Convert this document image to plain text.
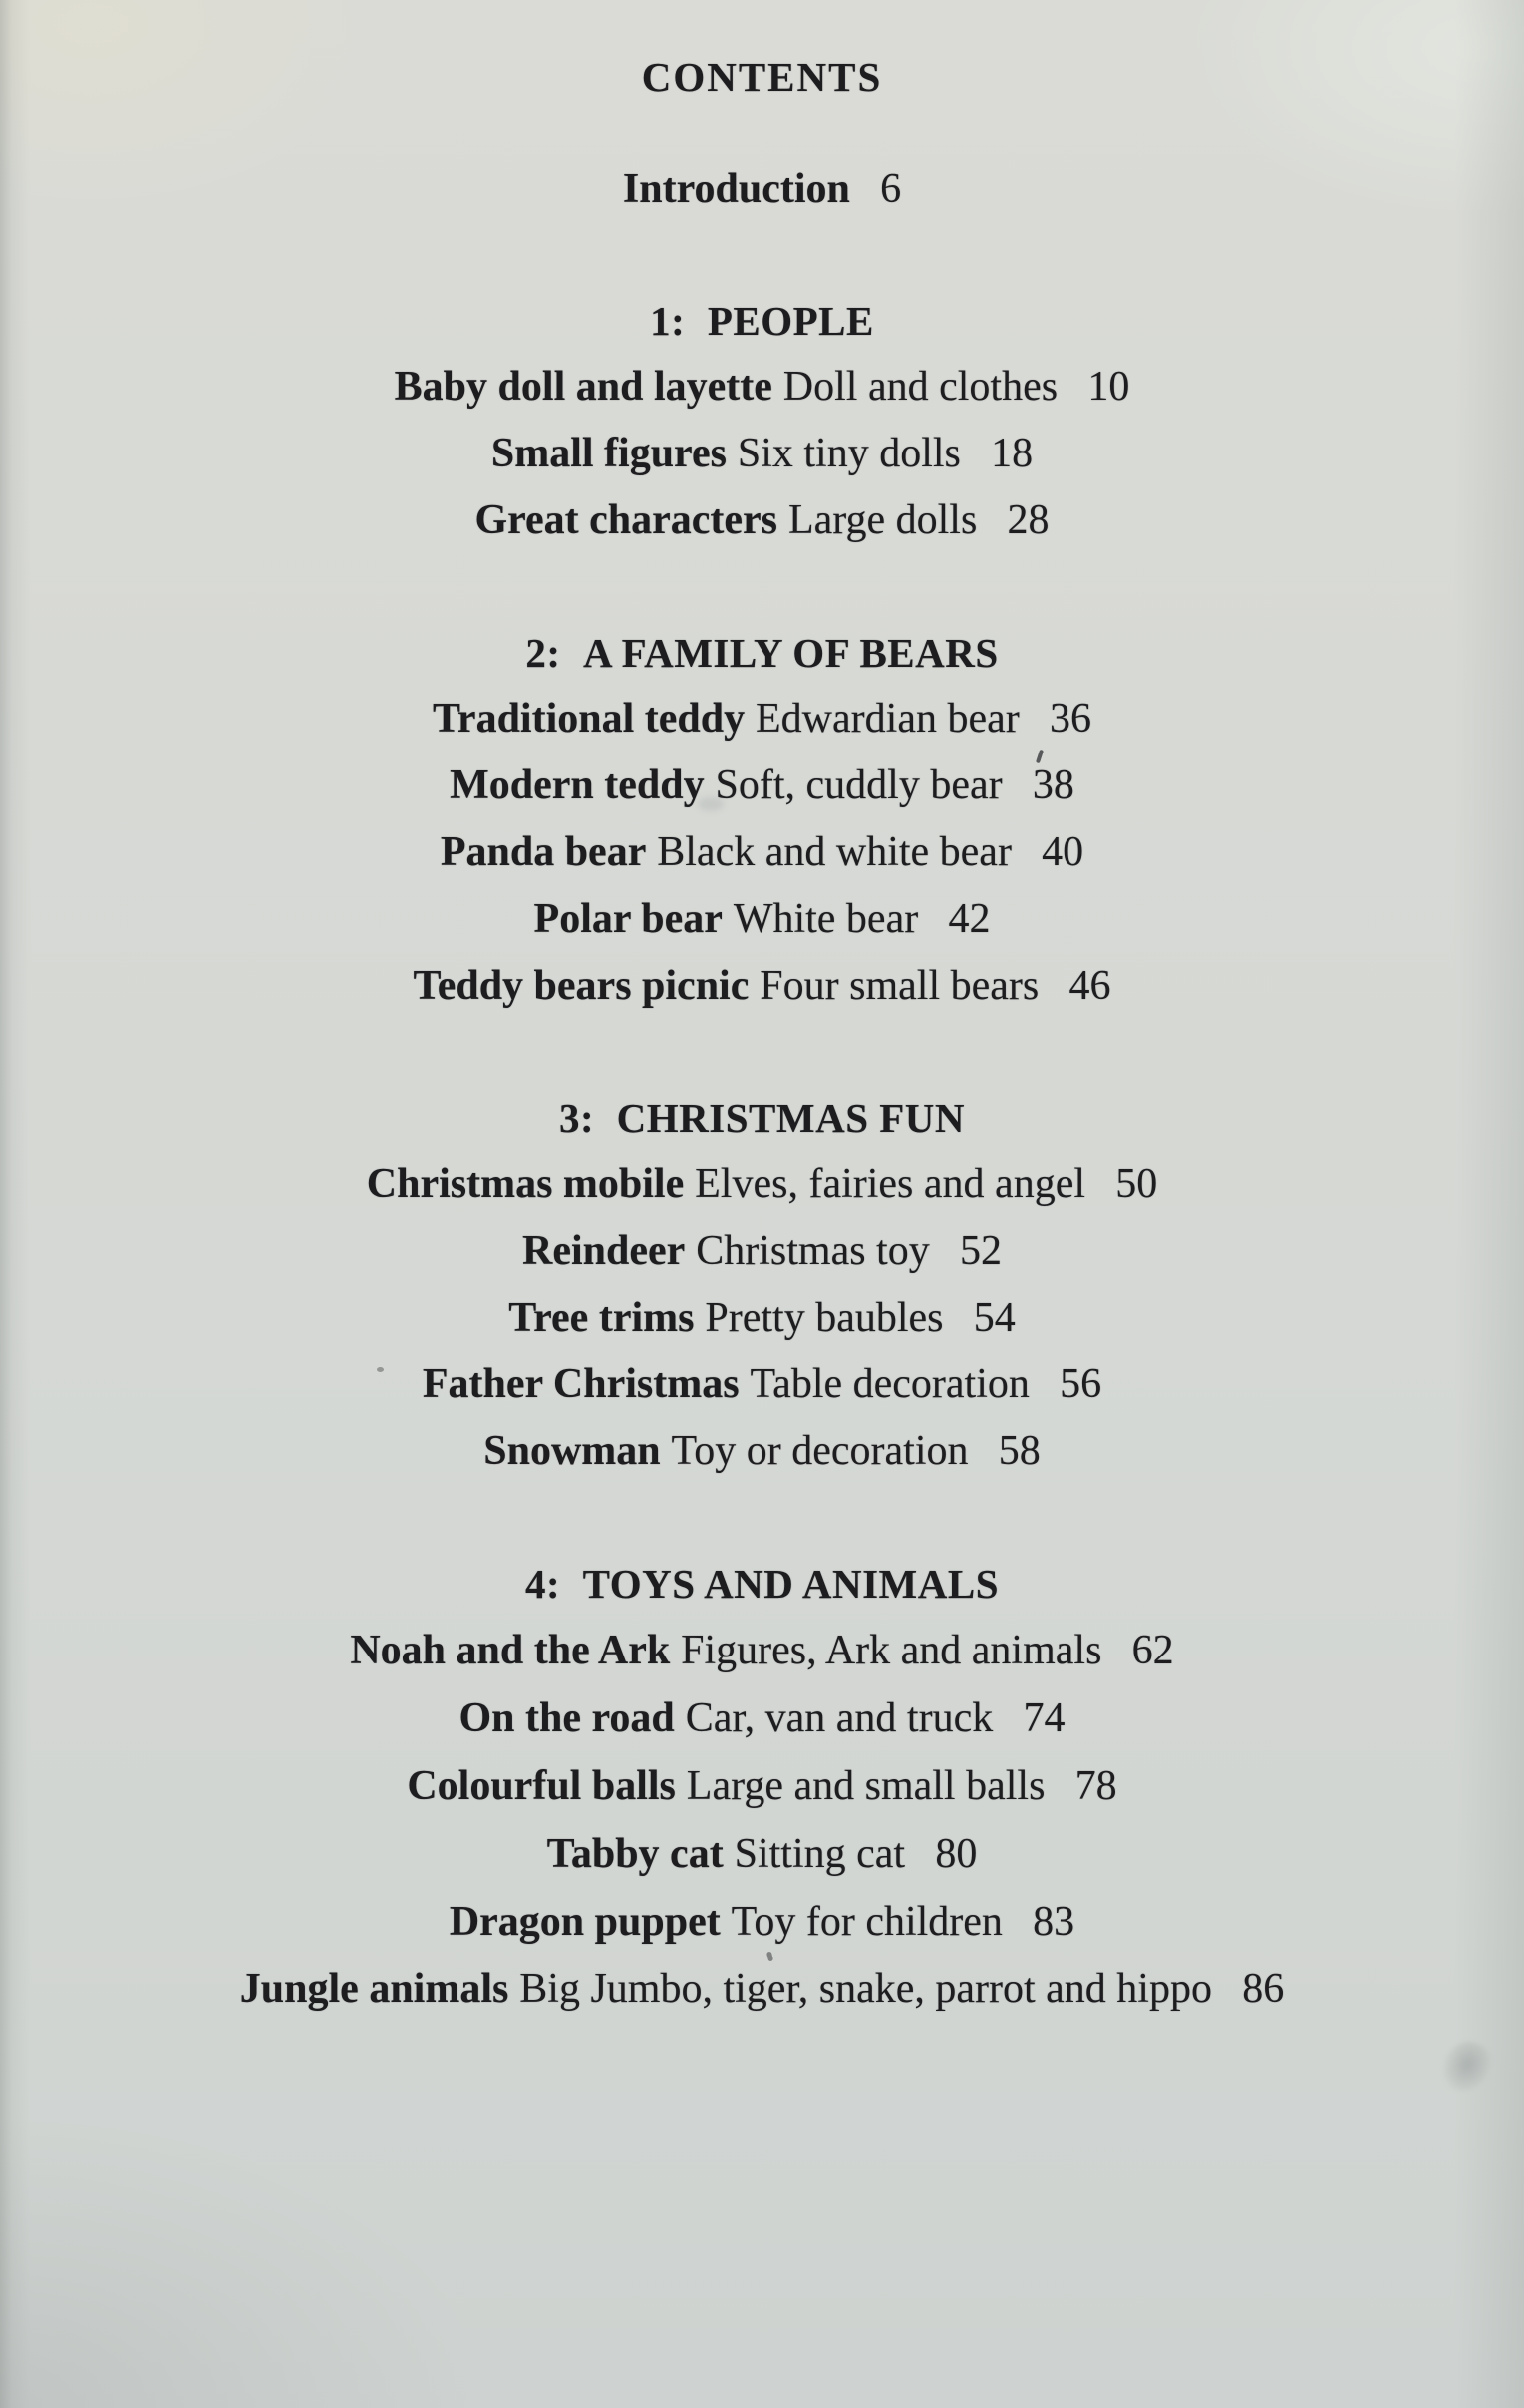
CONTENTS
Introduction 6
1: PEOPLE
Baby doll and layette Doll and clothes 10
Small figures Six tiny dolls 18
Great characters Large dolls 28
2: A FAMILY OF BEARS
Traditional teddy Edwardian bear 36
Modern teddy Soft, cuddly bear 38
Panda bear Black and white bear 40
Polar bear White bear 42
Teddy bears picnic Four small bears 46
3: CHRISTMAS FUN
Christmas mobile Elves, fairies and angel 50
Reindeer Christmas toy 52
Tree trims Pretty baubles 54
Father Christmas Table decoration 56
Snowman Toy or decoration 58
4: TOYS AND ANIMALS
Noah and the Ark Figures, Ark and animals 62
On the road Car, van and truck 74
Colourful balls Large and small balls 78
Tabby cat Sitting cat 80
Dragon puppet Toy for children 83
Jungle animals Big Jumbo, tiger, snake, parrot and hippo 86
